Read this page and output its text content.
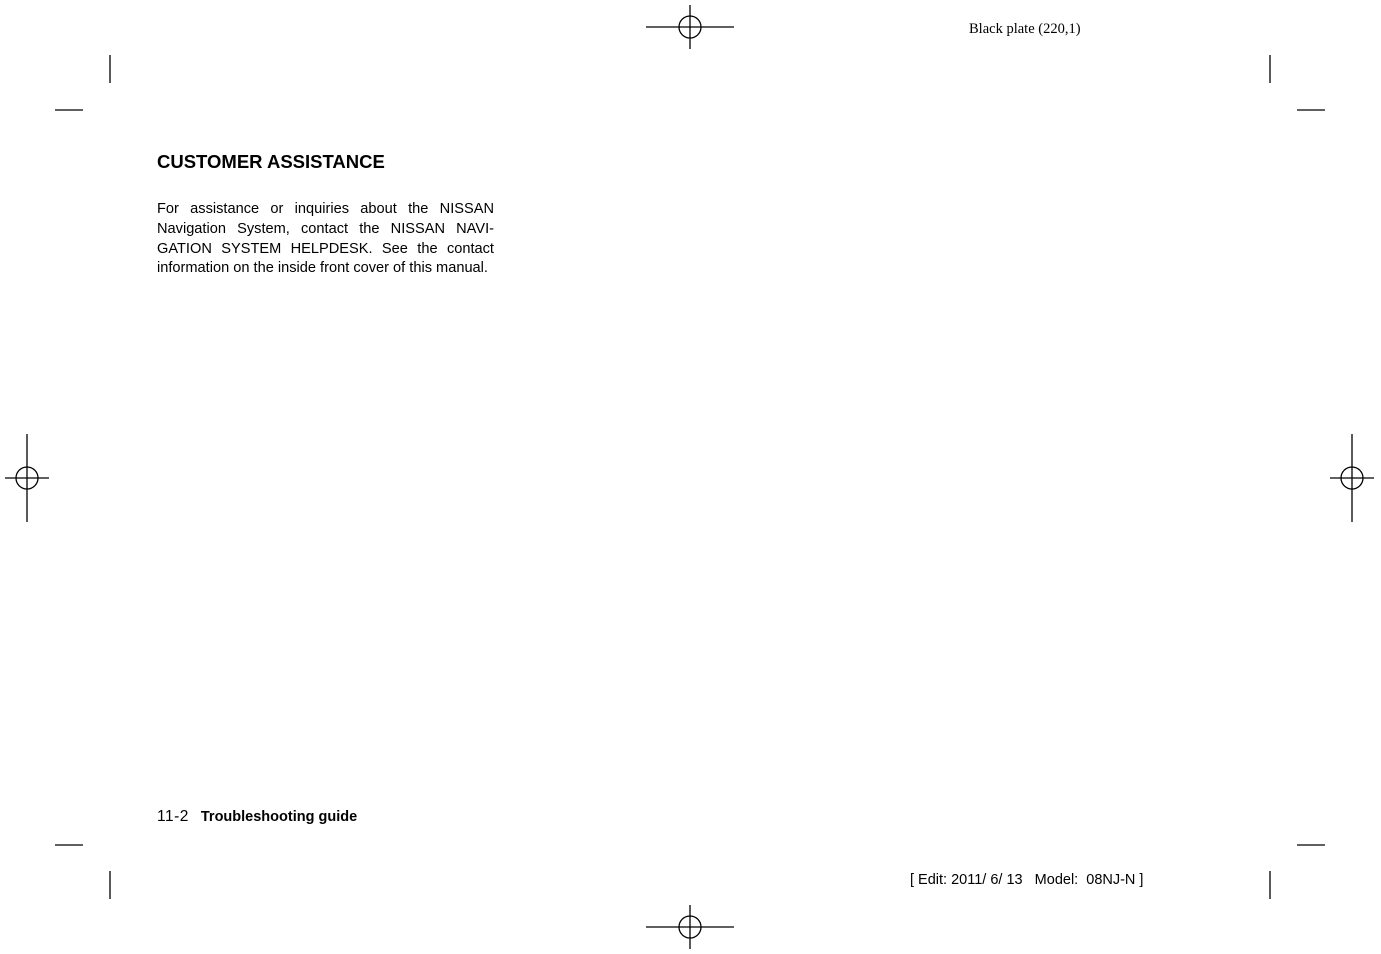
Black plate (220,1)
CUSTOMER ASSISTANCE

For assistance or inquiries about the NISSAN Navigation System, contact the NISSAN NAVIGATION SYSTEM HELPDESK. See the contact information on the inside front cover of this manual.

11-2 Troubleshooting guide
[ Edit: 2011/ 6/ 13   Model:  08NJ-N ]
